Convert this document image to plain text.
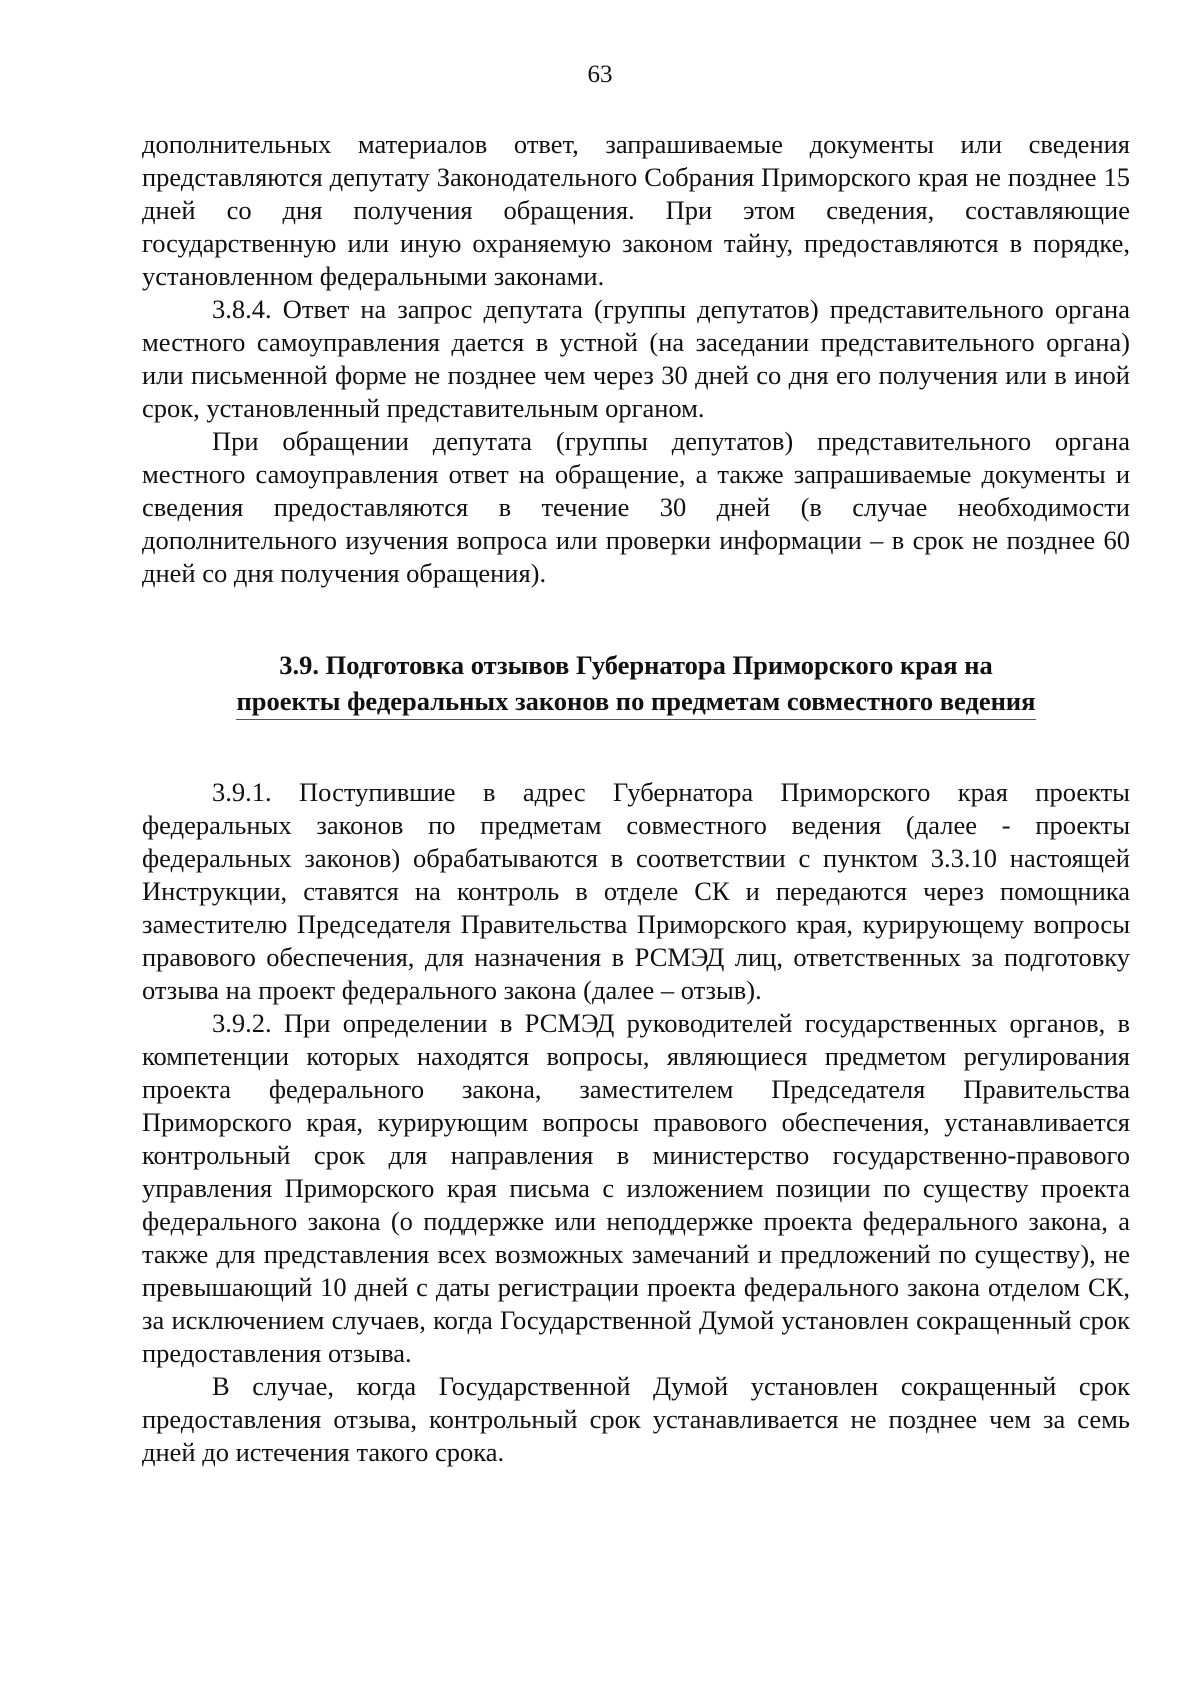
63

дополнительных материалов ответ, запрашиваемые документы или сведения представляются депутату Законодательного Собрания Приморского края не позднее 15 дней со дня получения обращения. При этом сведения, составляющие государственную или иную охраняемую законом тайну, предоставляются в порядке, установленном федеральными законами.

3.8.4. Ответ на запрос депутата (группы депутатов) представительного органа местного самоуправления дается в устной (на заседании представительного органа) или письменной форме не позднее чем через 30 дней со дня его получения или в иной срок, установленный представительным органом.

При обращении депутата (группы депутатов) представительного органа местного самоуправления ответ на обращение, а также запрашиваемые документы и сведения предоставляются в течение 30 дней (в случае необходимости дополнительного изучения вопроса или проверки информации – в срок не позднее 60 дней со дня получения обращения).

3.9. Подготовка отзывов Губернатора Приморского края на
проекты федеральных законов по предметам совместного ведения

3.9.1. Поступившие в адрес Губернатора Приморского края проекты федеральных законов по предметам совместного ведения (далее - проекты федеральных законов) обрабатываются в соответствии с пунктом 3.3.10 настоящей Инструкции, ставятся на контроль в отделе СК и передаются через помощника заместителю Председателя Правительства Приморского края, курирующему вопросы правового обеспечения, для назначения в РСМЭД лиц, ответственных за подготовку отзыва на проект федерального закона (далее – отзыв).

3.9.2. При определении в РСМЭД руководителей государственных органов, в компетенции которых находятся вопросы, являющиеся предметом регулирования проекта федерального закона, заместителем Председателя Правительства Приморского края, курирующим вопросы правового обеспечения, устанавливается контрольный срок для направления в министерство государственно-правового управления Приморского края письма с изложением позиции по существу проекта федерального закона (о поддержке или неподдержке проекта федерального закона, а также для представления всех возможных замечаний и предложений по существу), не превышающий 10 дней с даты регистрации проекта федерального закона отделом СК, за исключением случаев, когда Государственной Думой установлен сокращенный срок предоставления отзыва.

В случае, когда Государственной Думой установлен сокращенный срок предоставления отзыва, контрольный срок устанавливается не позднее чем за семь дней до истечения такого срока.
